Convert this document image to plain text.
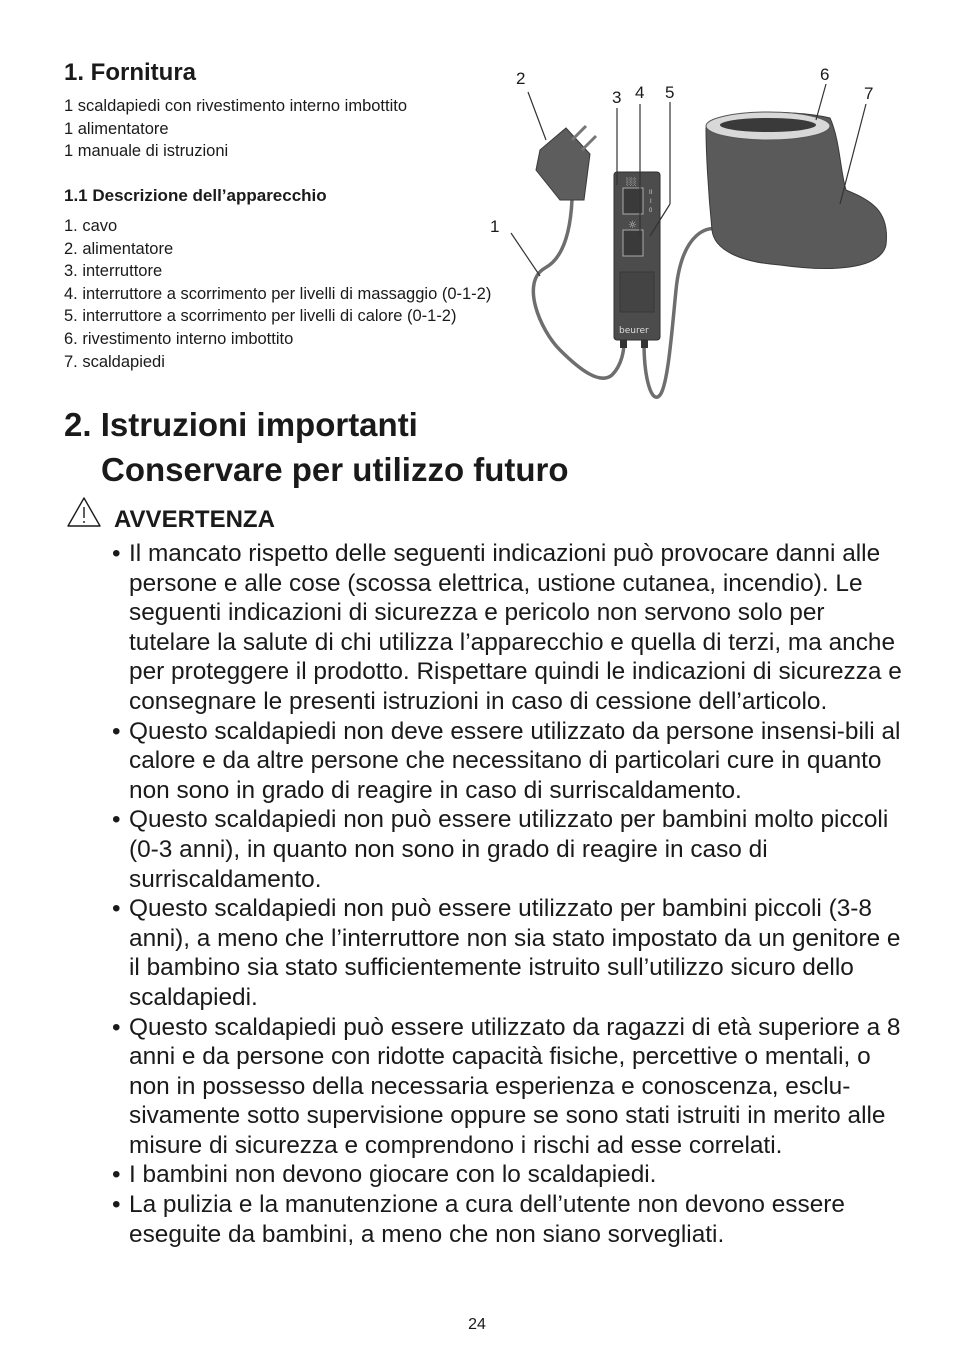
1. Fornitura
1 scaldapiedi con rivestimento interno imbottito
1 alimentatore
1 manuale di istruzioni
1.1 Descrizione dell’apparecchio
1. cavo
2. alimentatore
3. interruttore
4. interruttore a scorrimento per livelli di massaggio (0-1-2)
5. interruttore a scorrimento per livelli di calore (0-1-2)
6. rivestimento interno imbottito
7. scaldapiedi
░░
☼
II
I
0
beurer
1
2
3 4 5
6
7
2. Istruzioni importanti
Conservare per utilizzo futuro
AVVERTENZA
• Il mancato rispetto delle seguenti indicazioni può provocare danni alle persone e alle cose (scossa elettrica, ustione cutanea, incendio). Le seguenti indicazioni di sicurezza e pericolo non servono solo per tutelare la salute di chi utilizza l’apparecchio e quella di terzi, ma anche per proteggere il prodotto. Rispettare quindi le indicazioni di sicurezza e consegnare le presenti istruzioni in caso di cessione dell’articolo.
• Questo scaldapiedi non deve essere utilizzato da persone insensi-bili al calore e da altre persone che necessitano di particolari cure in quanto non sono in grado di reagire in caso di surriscaldamento.
• Questo scaldapiedi non può essere utilizzato per bambini molto piccoli (0-3 anni), in quanto non sono in grado di reagire in caso di surriscaldamento.
• Questo scaldapiedi non può essere utilizzato per bambini piccoli (3-8 anni), a meno che l’interruttore non sia stato impostato da un genitore e il bambino sia stato sufficientemente istruito sull’utilizzo sicuro dello scaldapiedi.
• Questo scaldapiedi può essere utilizzato da ragazzi di età superiore a 8 anni e da persone con ridotte capacità fisiche, percettive o mentali, o non in possesso della necessaria esperienza e conoscenza, esclu-sivamente sotto supervisione oppure se sono stati istruiti in merito alle misure di sicurezza e comprendono i rischi ad esse correlati.
• I bambini non devono giocare con lo scaldapiedi.
• La pulizia e la manutenzione a cura dell’utente non devono essere eseguite da bambini, a meno che non siano sorvegliati.
24
